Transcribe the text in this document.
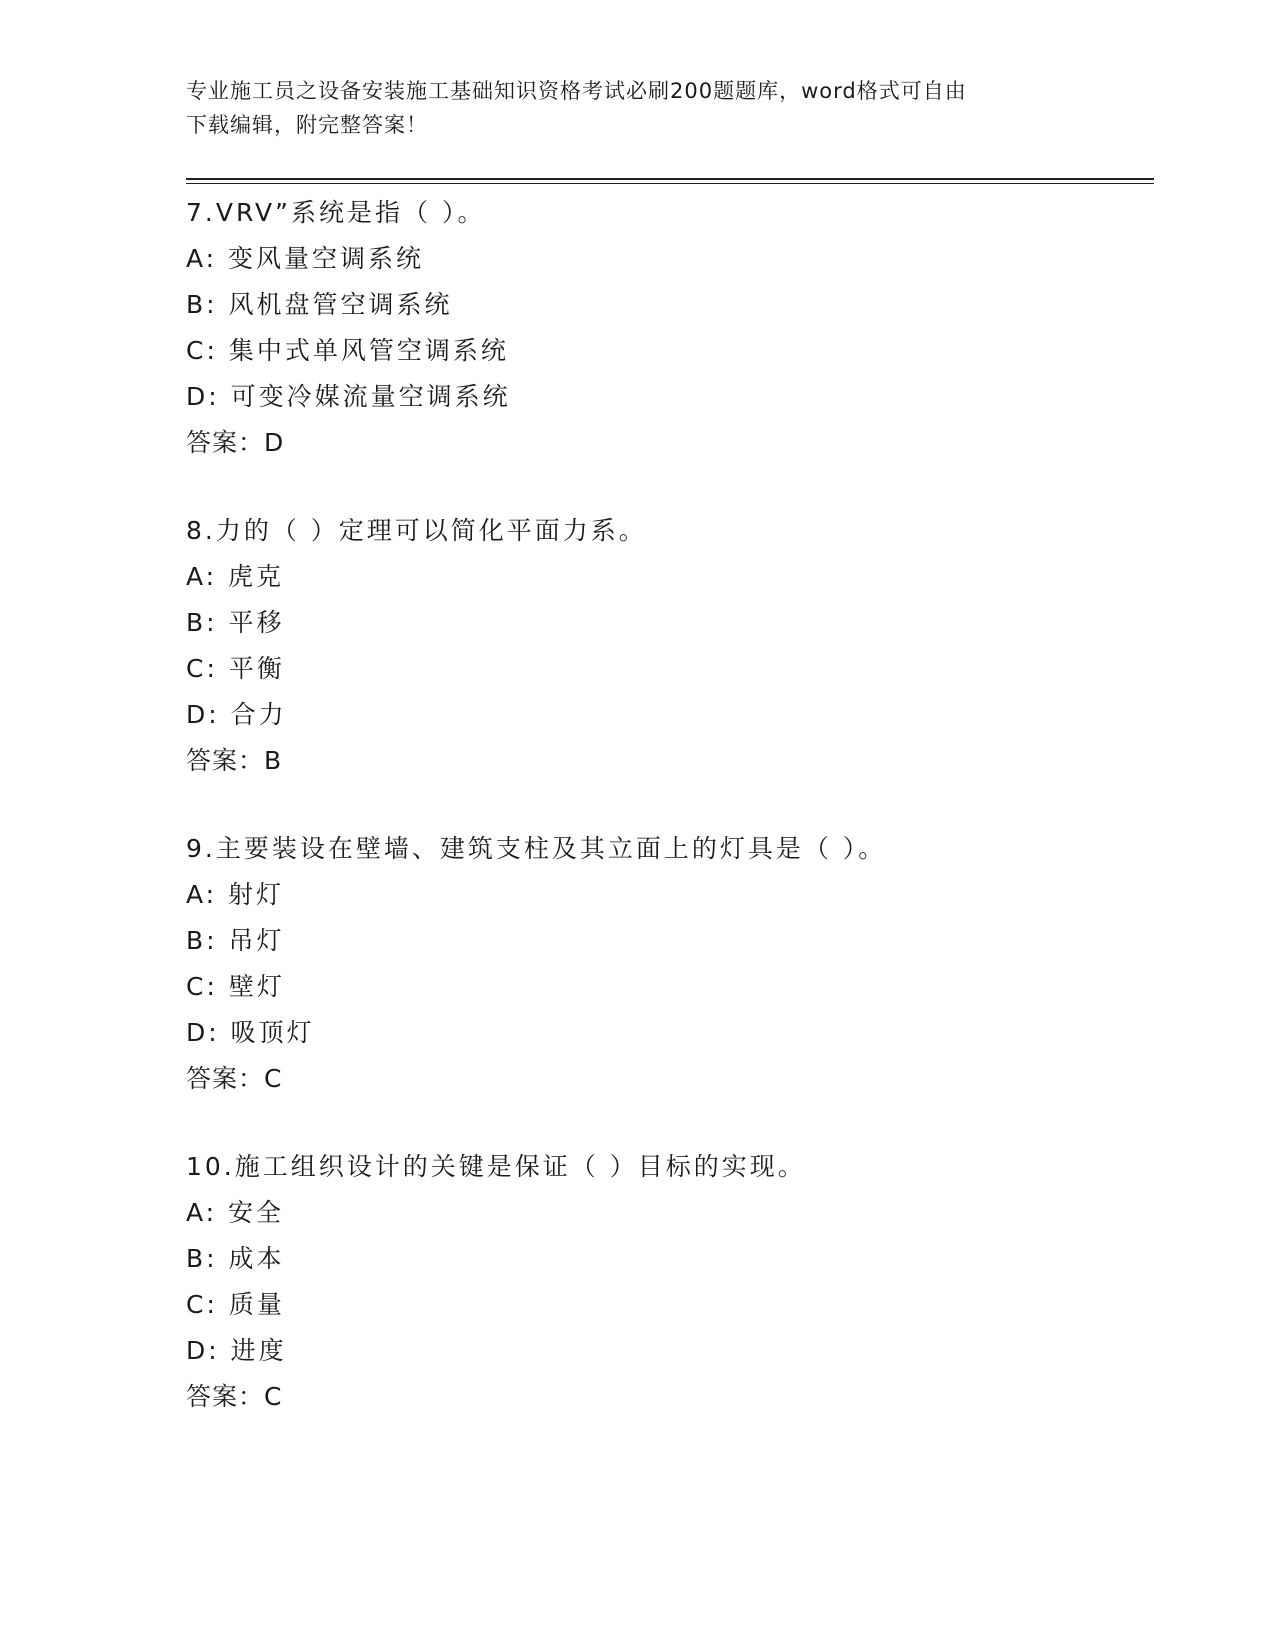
专业施工员之设备安装施工基础知识资格考试必刷200题题库，word格式可自由
下载编辑，附完整答案！
7.VRV”系统是指（ ）。
A: 变风量空调系统
B: 风机盘管空调系统
C: 集中式单风管空调系统
D: 可变冷媒流量空调系统
答案：D
8.力的（ ）定理可以简化平面力系。
A: 虎克
B: 平移
C: 平衡
D: 合力
答案：B
9.主要装设在壁墙、建筑支柱及其立面上的灯具是（ ）。
A: 射灯
B: 吊灯
C: 壁灯
D: 吸顶灯
答案：C
10.施工组织设计的关键是保证（ ）目标的实现。
A: 安全
B: 成本
C: 质量
D: 进度
答案：C
